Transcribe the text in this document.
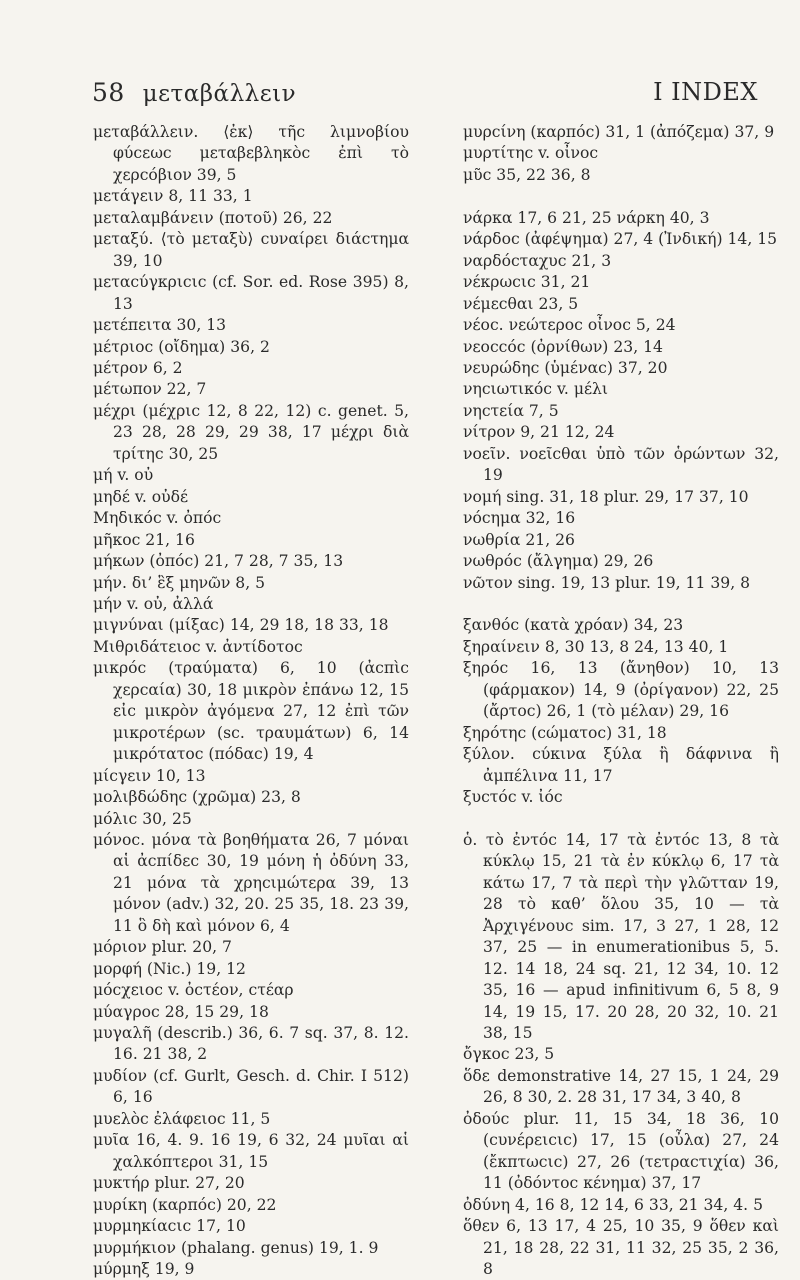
58 μεταβάλλειν	I INDEX

μεταβάλλειν. ⟨ἐκ⟩ τῆϲ λιμνοβίου φύϲεωϲ μεταβεβληκὸϲ ἐπὶ τὸ χερϲόβιον 39, 5

μετάγειν 8, 11 33, 1

μεταλαμβάνειν (ποτοῦ) 26, 22

μεταξύ. ⟨τὸ μεταξὺ⟩ ϲυναίρει διάϲτημα 39, 10

μεταϲύγκριϲιϲ (cf. Sor. ed. Rose 395) 8, 13

μετέπειτα 30, 13

μέτριοϲ (οἴδημα) 36, 2

μέτρον 6, 2

μέτωπον 22, 7

μέχρι (μέχριϲ 12, 8 22, 12) c. genet. 5, 23 28, 28 29, 29 38, 17 μέχρι διὰ τρίτηϲ 30, 25

μή v. οὐ

μηδέ v. οὐδέ

Μηδικόϲ v. ὀπόϲ

μῆκοϲ 21, 16

μήκων (ὀπόϲ) 21, 7 28, 7 35, 13

μήν. δι’ ἓξ μηνῶν 8, 5

μήν v. οὐ, ἀλλά

μιγνύναι (μίξαϲ) 14, 29 18, 18 33, 18

Μιθριδάτειοϲ v. ἀντίδοτοϲ

μικρόϲ (τραύματα) 6, 10 (ἀϲπὶϲ χερϲαία) 30, 18 μικρὸν ἐπάνω 12, 15 εἰϲ μικρὸν ἀγόμενα 27, 12 ἐπὶ τῶν μικροτέρων (sc. τραυμάτων) 6, 14 μικρότατοϲ (πόδαϲ) 19, 4

μίϲγειν 10, 13

μολιβδώδηϲ (χρῶμα) 23, 8

μόλιϲ 30, 25

μόνοϲ. μόνα τὰ βοηθήματα 26, 7 μόναι αἱ ἀϲπίδεϲ 30, 19 μόνη ἡ ὀδύνη 33, 21 μόνα τὰ χρηϲιμώτερα 39, 13 μόνον (adv.) 32, 20. 25 35, 18. 23 39, 11 ὃ δὴ καὶ μόνον 6, 4

μόριον plur. 20, 7

μορφή (Nic.) 19, 12

μόϲχειοϲ v. ὀϲτέον, ϲτέαρ

μύαγροϲ 28, 15 29, 18

μυγαλῆ (describ.) 36, 6. 7 sq. 37, 8. 12. 16. 21 38, 2

μυδίον (cf. Gurlt, Gesch. d. Chir. I 512) 6, 16

μυελὸϲ ἐλάφειοϲ 11, 5

μυῖα 16, 4. 9. 16 19, 6 32, 24 μυῖαι αἱ χαλκόπτεροι 31, 15

μυκτήρ plur. 27, 20

μυρίκη (καρπόϲ) 20, 22

μυρμηκίαϲιϲ 17, 10

μυρμήκιον (phalang. genus) 19, 1. 9

μύρμηξ 19, 9

μυρϲίνη (καρπόϲ) 31, 1 (ἀπόζεμα) 37, 9

μυρτίτηϲ v. οἶνοϲ

μῦϲ 35, 22 36, 8

νάρκα 17, 6 21, 25 νάρκη 40, 3

νάρδοϲ (ἀφέψημα) 27, 4 (Ἰνδική) 14, 15

ναρδόϲταχυϲ 21, 3

νέκρωϲιϲ 31, 21

νέμεϲθαι 23, 5

νέοϲ. νεώτεροϲ οἶνοϲ 5, 24

νεοϲϲόϲ (ὀρνίθων) 23, 14

νευρώδηϲ (ὑμέναϲ) 37, 20

νηϲιωτικόϲ v. μέλι

νηϲτεία 7, 5

νίτρον 9, 21 12, 24

νοεῖν. νοεῖϲθαι ὑπὸ τῶν ὁρώντων 32, 19

νομή sing. 31, 18 plur. 29, 17 37, 10

νόϲημα 32, 16

νωθρία 21, 26

νωθρόϲ (ἄλγημα) 29, 26

νῶτον sing. 19, 13 plur. 19, 11 39, 8

ξανθόϲ (κατὰ χρόαν) 34, 23

ξηραίνειν 8, 30 13, 8 24, 13 40, 1

ξηρόϲ 16, 13 (ἄνηθον) 10, 13 (φάρμακον) 14, 9 (ὀρίγανον) 22, 25 (ἄρτοϲ) 26, 1 (τὸ μέλαν) 29, 16

ξηρότηϲ (ϲώματοϲ) 31, 18

ξύλον. ϲύκινα ξύλα ἢ δάφνινα ἢ ἀμπέλινα 11, 17

ξυϲτόϲ v. ἰόϲ

ὁ. τὸ ἐντόϲ 14, 17 τὰ ἐντόϲ 13, 8 τὰ κύκλῳ 15, 21 τὰ ἐν κύκλῳ 6, 17 τὰ κάτω 17, 7 τὰ περὶ τὴν γλῶτταν 19, 28 τὸ καθ’ ὅλου 35, 10 — τὰ Ἀρχιγένουϲ sim. 17, 3 27, 1 28, 12 37, 25 — in enumerationibus 5, 5. 12. 14 18, 24 sq. 21, 12 34, 10. 12 35, 16 — apud infinitivum 6, 5 8, 9 14, 19 15, 17. 20 28, 20 32, 10. 21 38, 15

ὄγκοϲ 23, 5

ὅδε demonstrative 14, 27 15, 1 24, 29 26, 8 30, 2. 28 31, 17 34, 3 40, 8

ὀδούϲ plur. 11, 15 34, 18 36, 10 (ϲυνέρειϲιϲ) 17, 15 (οὖλα) 27, 24 (ἔκπτωϲιϲ) 27, 26 (τετραϲτιχία) 36, 11 (ὀδόντοϲ κένημα) 37, 17

ὀδύνη 4, 16 8, 12 14, 6 33, 21 34, 4. 5

ὅθεν 6, 13 17, 4 25, 10 35, 9 ὅθεν καὶ 21, 18 28, 22 31, 11 32, 25 35, 2 36, 8
